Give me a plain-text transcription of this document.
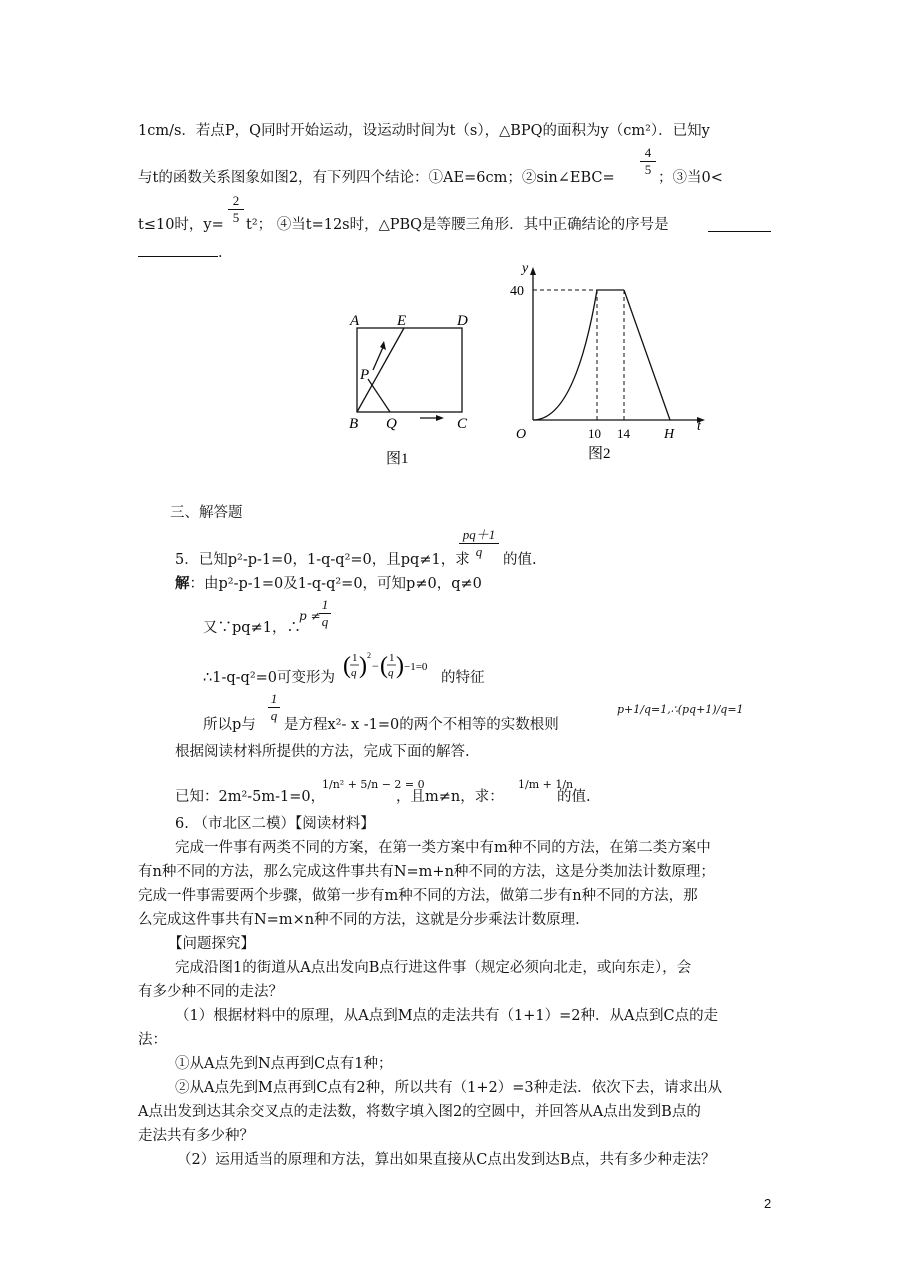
1cm/s．若点P，Q同时开始运动，设运动时间为t（s），△BPQ的面积为y（cm²）．已知y
与t的函数关系图象如图2，有下列四个结论：①AE=6cm；②sin∠EBC=
4
5
；③当0<
t≤10时，y=
2
5 t²； ④当t=12s时，△PBQ是等腰三角形．其中正确结论的序号是
．
A	E	D
P
B Q	C
图1
y
t
40
O	10 14 H
图2
三、解答题
pq＋1
q
5．已知p²-p-1=0，1-q-q²=0，且pq≠1，求 的值.
解：由p²-p-1=0及1-q-q²=0，可知p≠0，q≠0
又∵pq≠1，∴
p ≠
1
q
∴1-q-q²=0可变形为 ( 1
q ) 2
− ( 1
q ) −1=0
的特征
所以p与
1
q
是方程x²- x -1=0的两个不相等的实数根则
p+1/q=1,∴(pq+1)/q=1
根据阅读材料所提供的方法，完成下面的解答.
已知：2m²-5m-1=0，
1/n² + 5/n − 2 = 0
，且m≠n，求：
1/m + 1/n
的值.
6. （市北区二模）【阅读材料】
完成一件事有两类不同的方案，在第一类方案中有m种不同的方法，在第二类方案中
有n种不同的方法，那么完成这件事共有N=m+n种不同的方法，这是分类加法计数原理；
完成一件事需要两个步骤，做第一步有m种不同的方法，做第二步有n种不同的方法，那
么完成这件事共有N=m×n种不同的方法，这就是分步乘法计数原理.
【问题探究】
完成沿图1的街道从A点出发向B点行进这件事（规定必须向北走，或向东走），会
有多少种不同的走法？
（1）根据材料中的原理，从A点到M点的走法共有（1+1）=2种．从A点到C点的走
法：
①从A点先到N点再到C点有1种；
②从A点先到M点再到C点有2种，所以共有（1+2）=3种走法．依次下去，请求出从
A点出发到达其余交叉点的走法数，将数字填入图2的空圆中，并回答从A点出发到B点的
走法共有多少种？
（2）运用适当的原理和方法，算出如果直接从C点出发到达B点，共有多少种走法？
2
